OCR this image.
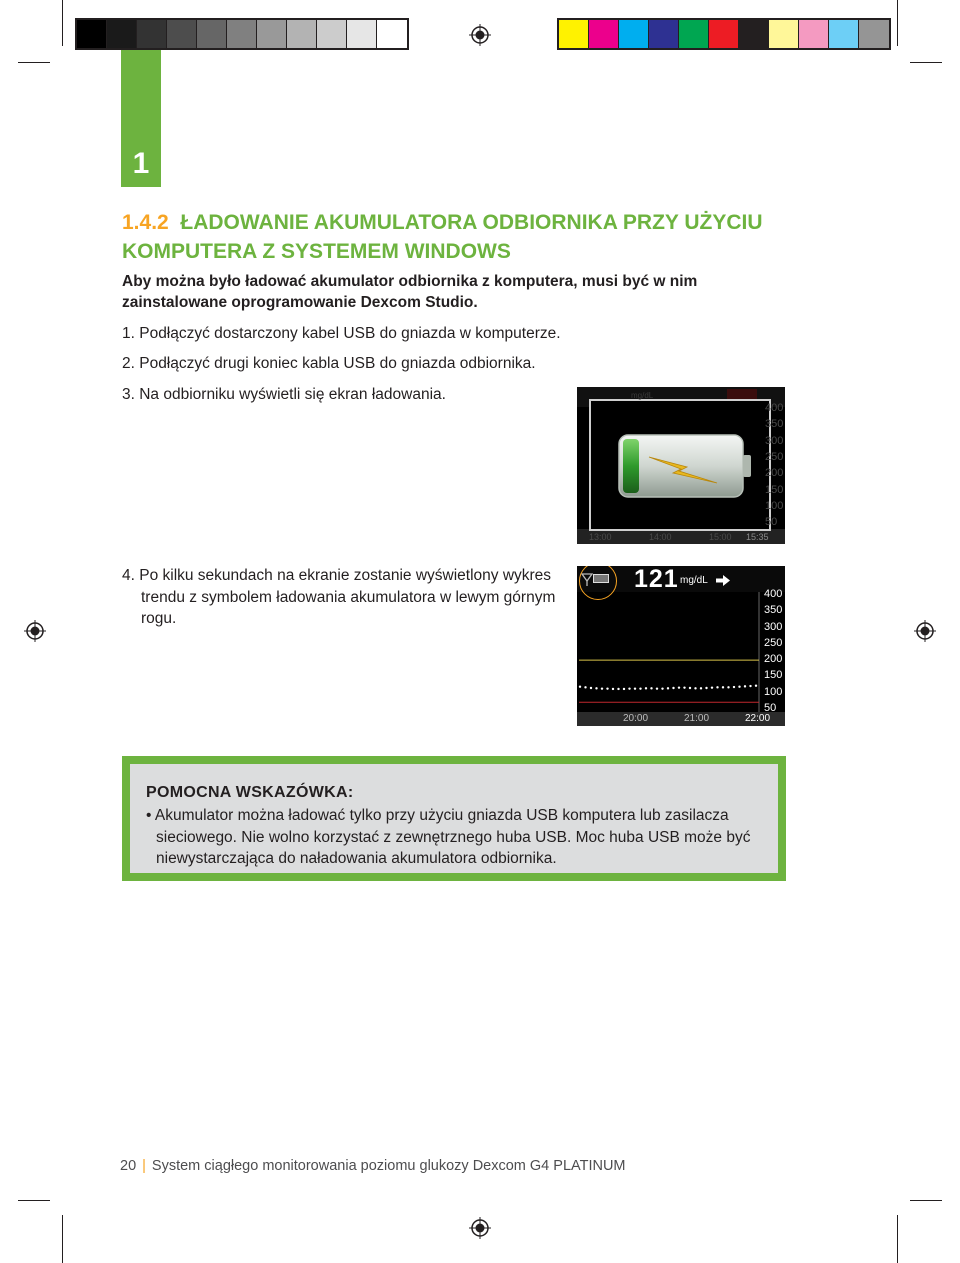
1
1.4.2 ŁADOWANIE AKUMULATORA ODBIORNIKA PRZY UŻYCIU KOMPUTERA Z SYSTEMEM WINDOWS
Aby można było ładować akumulator odbiornika z komputera, musi być w nim zainstalowane oprogramowanie Dexcom Studio.
1. Podłączyć dostarczony kabel USB do gniazda w komputerze.
2. Podłączyć drugi koniec kabla USB do gniazda odbiornika.
3. Na odbiorniku wyświetli się ekran ładowania.
4. Po kilku sekundach na ekranie zostanie wyświetlony wykres trendu z symbolem ładowania akumulatora w lewym górnym rogu.
400
350
300
250
200
150
100
50
13:00	14:00	15:00 15:35
mg/dL
121 mg/dL
400
350
300
250
200
150
100
50
20:00	21:00	22:00
POMOCNA WSKAZÓWKA:
• Akumulator można ładować tylko przy użyciu gniazda USB komputera lub zasilacza sieciowego. Nie wolno korzystać z zewnętrznego huba USB. Moc huba USB może być niewystarczająca do naładowania akumulatora odbiornika.
20 | System ciągłego monitorowania poziomu glukozy Dexcom G4 PLATINUM
